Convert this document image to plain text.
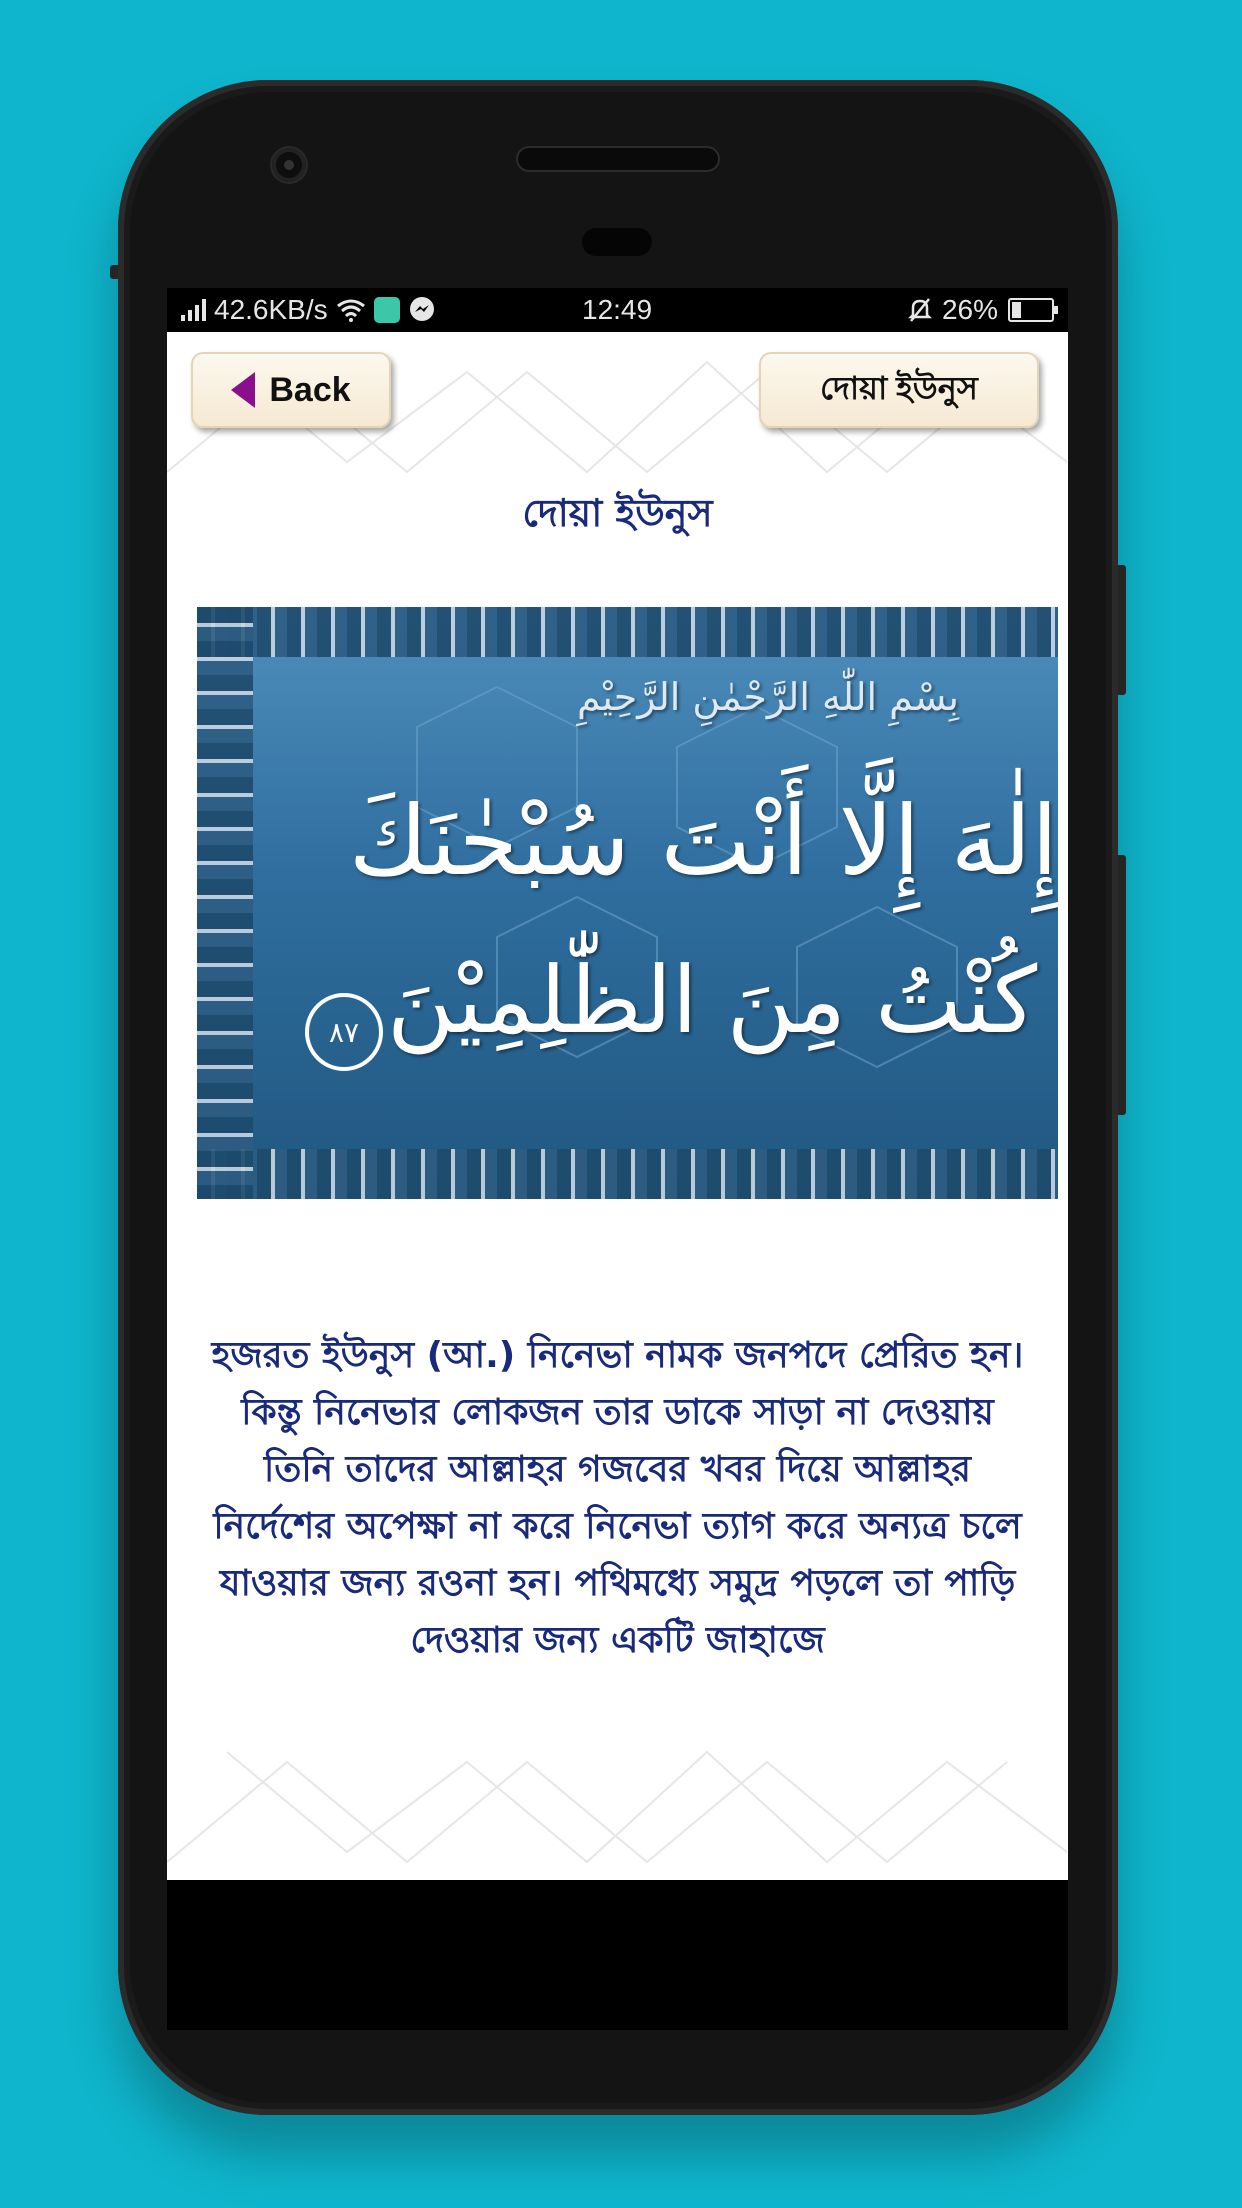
42.6KB/s	12:49	26%
Back	দোয়া ইউনুস
দোয়া ইউনুস
بِسْمِ اللّٰهِ الرَّحْمٰنِ الرَّحِيْمِ
إِلٰهَ إِلَّا أَنْتَ سُبْحٰنَكَ
كُنْتُ مِنَ الظّٰلِمِيْنَ
٨٧
হজরত ইউনুস (আ.) নিনেভা নামক জনপদে প্রেরিত হন। কিন্তু নিনেভার লোকজন তার ডাকে সাড়া না দেওয়ায় তিনি তাদের আল্লাহর গজবের খবর দিয়ে আল্লাহর নির্দেশের অপেক্ষা না করে নিনেভা ত্যাগ করে অন্যত্র চলে যাওয়ার জন্য রওনা হন। পথিমধ্যে সমুদ্র পড়লে তা পাড়ি দেওয়ার জন্য একটি জাহাজে
